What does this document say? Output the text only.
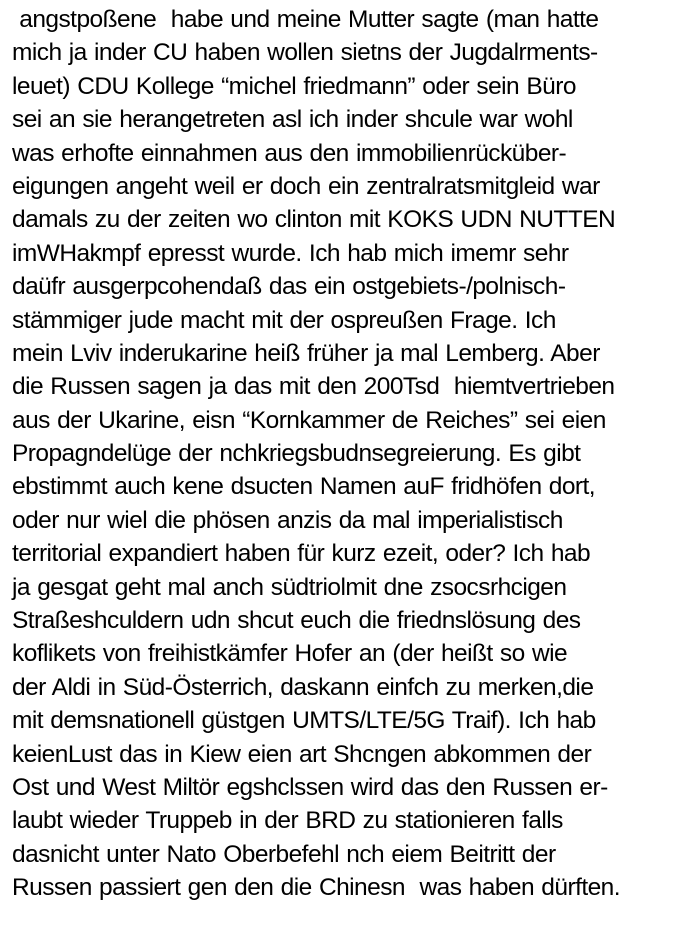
angstpoßene  habe und meine Mutter sagte (man hatte
mich ja inder CU haben wollen sietns der Jugdalrments-
leuet) CDU Kollege “michel friedmann” oder sein Büro
sei an sie herangetreten asl ich inder shcule war wohl
was erhofte einnahmen aus den immobilienrücküber-
eigungen angeht weil er doch ein zentralratsmitgleid war
damals zu der zeiten wo clinton mit KOKS UDN NUTTEN
imWHakmpf epresst wurde. Ich hab mich imemr sehr
daüfr ausgerpcohendaß das ein ostgebiets-/polnisch-
stämmiger jude macht mit der ospreußen Frage. Ich
mein Lviv inderukarine heiß früher ja mal Lemberg. Aber
die Russen sagen ja das mit den 200Tsd  hiemtvertrieben
aus der Ukarine, eisn “Kornkammer de Reiches” sei eien
Propagndelüge der nchkriegsbudnsegreierung. Es gibt
ebstimmt auch kene dsucten Namen auF fridhöfen dort,
oder nur wiel die phösen anzis da mal imperialistisch
territorial expandiert haben für kurz ezeit, oder? Ich hab
ja gesgat geht mal anch südtriolmit dne zsocsrhcigen
Straßeshculdern udn shcut euch die friednslösung des
koflikets von freihistkämfer Hofer an (der heißt so wie
der Aldi in Süd-Österrich, daskann einfch zu merken,die
mit demsnationell güstgen UMTS/LTE/5G Traif). Ich hab
keienLust das in Kiew eien art Shcngen abkommen der
Ost und West Miltör egshclssen wird das den Russen er-
laubt wieder Truppeb in der BRD zu stationieren falls
dasnicht unter Nato Oberbefehl nch eiem Beitritt der
Russen passiert gen den die Chinesn  was haben dürften.
